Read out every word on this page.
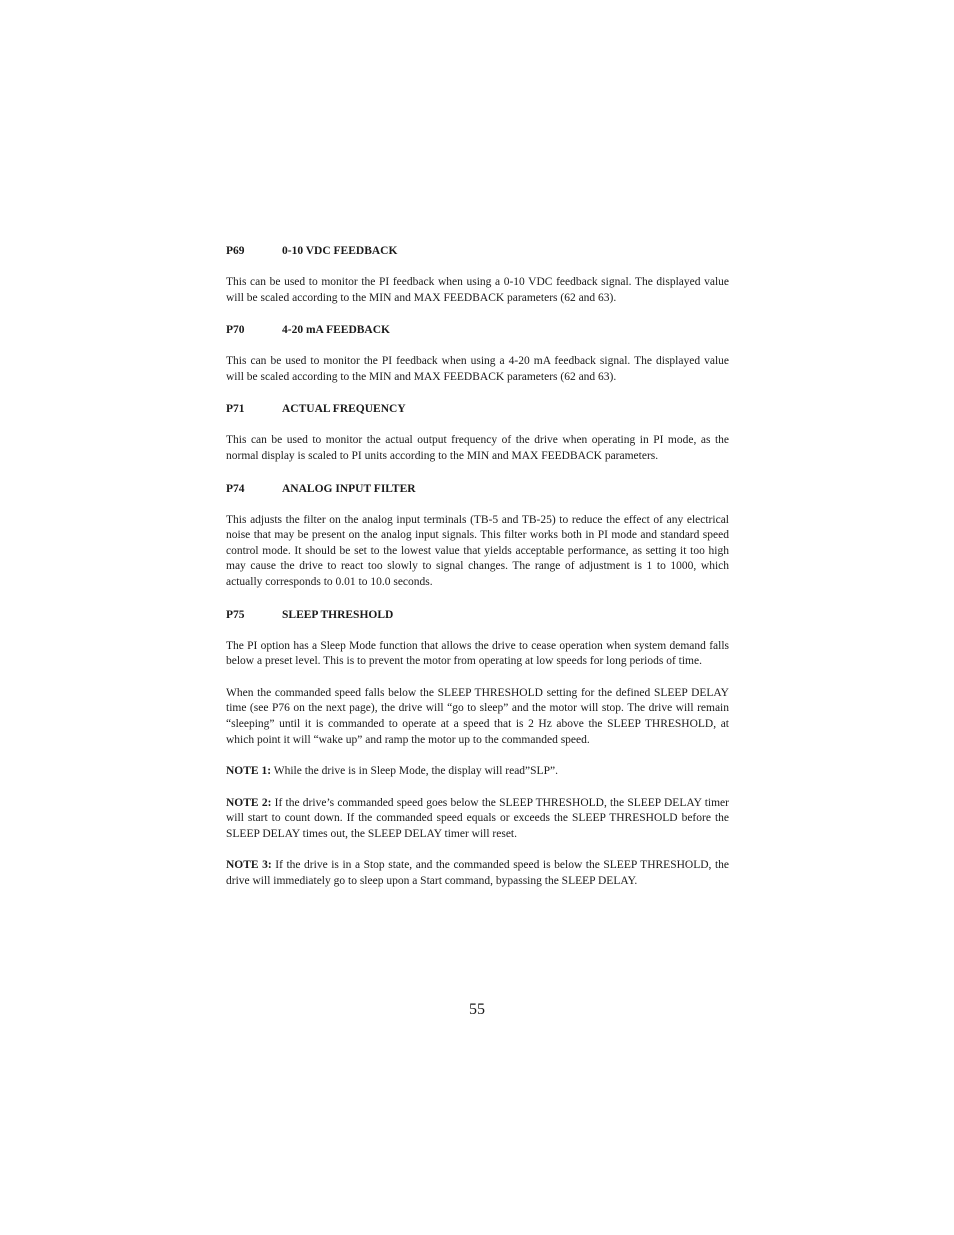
P69	0-10 VDC FEEDBACK

This can be used to monitor the PI feedback when using a 0-10 VDC feedback signal. The displayed value will be scaled according to the MIN and MAX FEEDBACK parameters (62 and 63).

P70	4-20 mA FEEDBACK

This can be used to monitor the PI feedback when using a 4-20 mA feedback signal. The displayed value will be scaled according to the MIN and MAX FEEDBACK parameters (62 and 63).

P71	ACTUAL FREQUENCY

This can be used to monitor the actual output frequency of the drive when operating in PI mode, as the normal display is scaled to PI units according to the MIN and MAX FEEDBACK parameters.

P74	ANALOG INPUT FILTER

This adjusts the filter on the analog input terminals (TB-5 and TB-25) to reduce the effect of any electrical noise that may be present on the analog input signals. This filter works both in PI mode and standard speed control mode. It should be set to the lowest value that yields acceptable performance, as setting it too high may cause the drive to react too slowly to signal changes. The range of adjustment is 1 to 1000, which actually corresponds to 0.01 to 10.0 seconds.

P75	SLEEP THRESHOLD

The PI option has a Sleep Mode function that allows the drive to cease operation when system demand falls below a preset level. This is to prevent the motor from operating at low speeds for long periods of time.

When the commanded speed falls below the SLEEP THRESHOLD setting for the defined SLEEP DELAY time (see P76 on the next page), the drive will “go to sleep” and the motor will stop. The drive will remain “sleeping” until it is commanded to operate at a speed that is 2 Hz above the SLEEP THRESHOLD, at which point it will “wake up” and ramp the motor up to the commanded speed.

NOTE 1: While the drive is in Sleep Mode, the display will read”SLP”.

NOTE 2: If the drive’s commanded speed goes below the SLEEP THRESHOLD, the SLEEP DELAY timer will start to count down. If the commanded speed equals or exceeds the SLEEP THRESHOLD before the SLEEP DELAY times out, the SLEEP DELAY timer will reset.

NOTE 3: If the drive is in a Stop state, and the commanded speed is below the SLEEP THRESHOLD, the drive will immediately go to sleep upon a Start command, bypassing the SLEEP DELAY.

55
